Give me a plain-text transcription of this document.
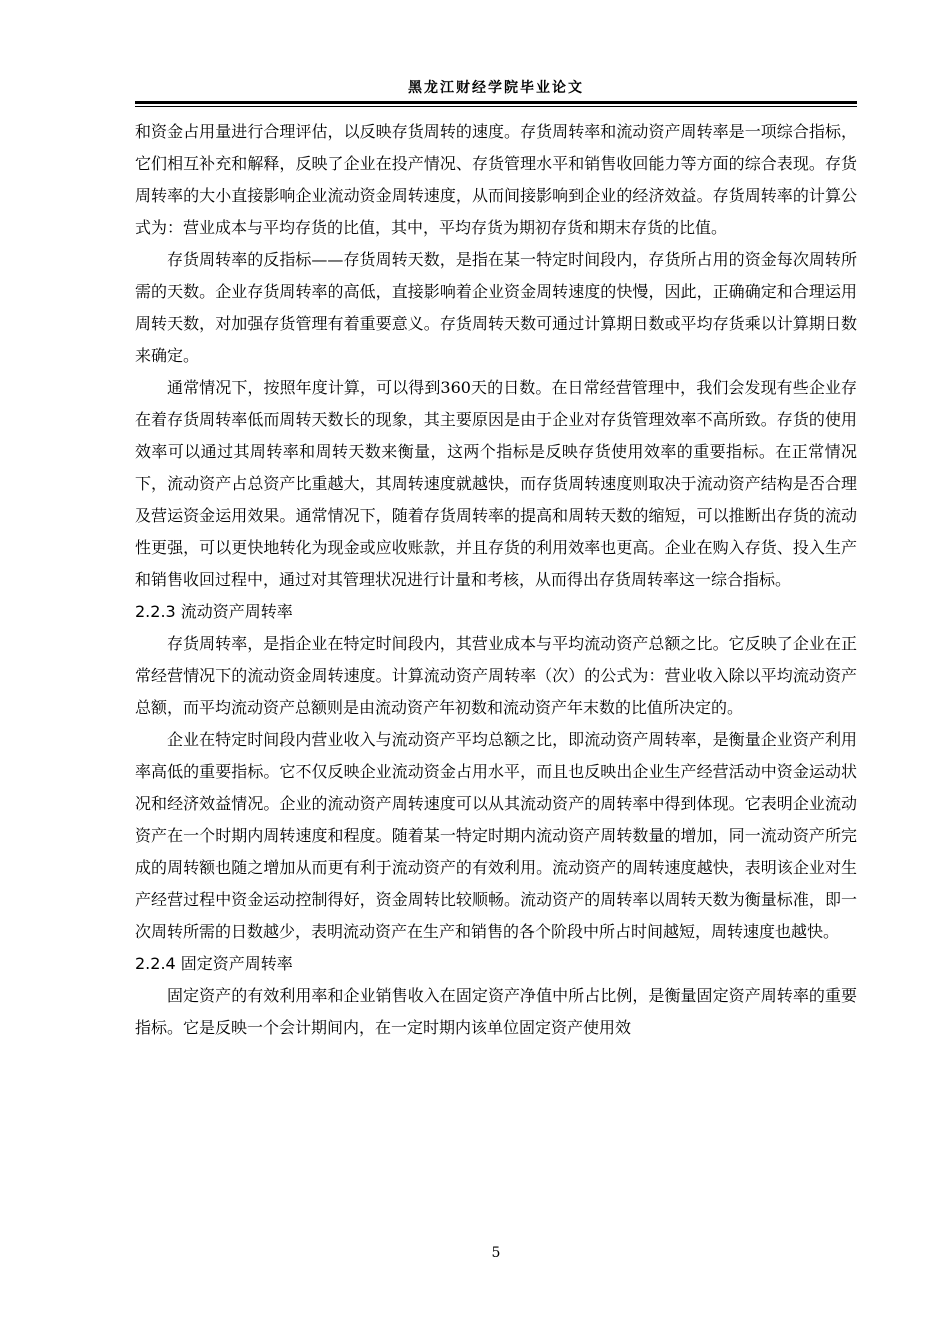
黑龙江财经学院毕业论文

和资金占用量进行合理评估，以反映存货周转的速度。存货周转率和流动资产周转率是一项综合指标，它们相互补充和解释，反映了企业在投产情况、存货管理水平和销售收回能力等方面的综合表现。存货周转率的大小直接影响企业流动资金周转速度，从而间接影响到企业的经济效益。存货周转率的计算公式为：营业成本与平均存货的比值，其中，平均存货为期初存货和期末存货的比值。

存货周转率的反指标——存货周转天数，是指在某一特定时间段内，存货所占用的资金每次周转所需的天数。企业存货周转率的高低，直接影响着企业资金周转速度的快慢，因此，正确确定和合理运用周转天数，对加强存货管理有着重要意义。存货周转天数可通过计算期日数或平均存货乘以计算期日数来确定。

通常情况下，按照年度计算，可以得到360天的日数。在日常经营管理中，我们会发现有些企业存在着存货周转率低而周转天数长的现象，其主要原因是由于企业对存货管理效率不高所致。存货的使用效率可以通过其周转率和周转天数来衡量，这两个指标是反映存货使用效率的重要指标。在正常情况下，流动资产占总资产比重越大，其周转速度就越快，而存货周转速度则取决于流动资产结构是否合理及营运资金运用效果。通常情况下，随着存货周转率的提高和周转天数的缩短，可以推断出存货的流动性更强，可以更快地转化为现金或应收账款，并且存货的利用效率也更高。企业在购入存货、投入生产和销售收回过程中，通过对其管理状况进行计量和考核，从而得出存货周转率这一综合指标。

2.2.3 流动资产周转率

存货周转率，是指企业在特定时间段内，其营业成本与平均流动资产总额之比。它反映了企业在正常经营情况下的流动资金周转速度。计算流动资产周转率（次）的公式为：营业收入除以平均流动资产总额，而平均流动资产总额则是由流动资产年初数和流动资产年末数的比值所决定的。

企业在特定时间段内营业收入与流动资产平均总额之比，即流动资产周转率，是衡量企业资产利用率高低的重要指标。它不仅反映企业流动资金占用水平，而且也反映出企业生产经营活动中资金运动状况和经济效益情况。企业的流动资产周转速度可以从其流动资产的周转率中得到体现。它表明企业流动资产在一个时期内周转速度和程度。随着某一特定时期内流动资产周转数量的增加，同一流动资产所完成的周转额也随之增加从而更有利于流动资产的有效利用。流动资产的周转速度越快，表明该企业对生产经营过程中资金运动控制得好，资金周转比较顺畅。流动资产的周转率以周转天数为衡量标准，即一次周转所需的日数越少，表明流动资产在生产和销售的各个阶段中所占时间越短，周转速度也越快。

2.2.4 固定资产周转率

固定资产的有效利用率和企业销售收入在固定资产净值中所占比例，是衡量固定资产周转率的重要指标。它是反映一个会计期间内，在一定时期内该单位固定资产使用效

5
